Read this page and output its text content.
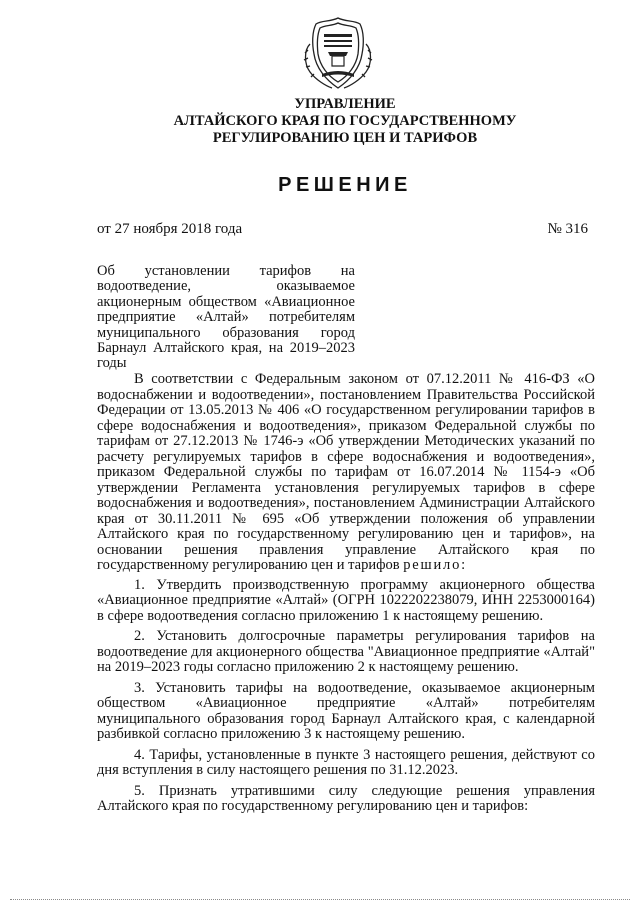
УПРАВЛЕНИЕ
АЛТАЙСКОГО КРАЯ ПО ГОСУДАРСТВЕННОМУ
РЕГУЛИРОВАНИЮ ЦЕН И ТАРИФОВ
РЕШЕНИЕ
от 27 ноября 2018 года	№ 316
Об установлении тарифов на водоотведение, оказываемое акционерным обществом «Авиационное предприятие «Алтай» потребителям муниципального образования город Барнаул Алтайского края, на 2019–2023 годы

В соответствии с Федеральным законом от 07.12.2011 № 416-ФЗ «О водоснабжении и водоотведении», постановлением Правительства Российской Федерации от 13.05.2013 № 406 «О государственном регулировании тарифов в сфере водоснабжения и водоотведения», приказом Федеральной службы по тарифам от 27.12.2013 № 1746-э «Об утверждении Методических указаний по расчету регулируемых тарифов в сфере водоснабжения и водоотведения», приказом Федеральной службы по тарифам от 16.07.2014 № 1154-э «Об утверждении Регламента установления регулируемых тарифов в сфере водоснабжения и водоотведения», постановлением Администрации Алтайского края от 30.11.2011 № 695 «Об утверждении положения об управлении Алтайского края по государственному регулированию цен и тарифов», на основании решения правления управление Алтайского края по государственному регулированию цен и тарифов решило:

1. Утвердить производственную программу акционерного общества «Авиационное предприятие «Алтай» (ОГРН 1022202238079, ИНН 2253000164) в сфере водоотведения согласно приложению 1 к настоящему решению.

2. Установить долгосрочные параметры регулирования тарифов на водоотведение для акционерного общества "Авиационное предприятие «Алтай" на 2019–2023 годы согласно приложению 2 к настоящему решению.

3. Установить тарифы на водоотведение, оказываемое акционерным обществом «Авиационное предприятие «Алтай» потребителям муниципального образования город Барнаул Алтайского края, с календарной разбивкой согласно приложению 3 к настоящему решению.

4. Тарифы, установленные в пункте 3 настоящего решения, действуют со дня вступления в силу настоящего решения по 31.12.2023.

5. Признать утратившими силу следующие решения управления Алтайского края по государственному регулированию цен и тарифов:
